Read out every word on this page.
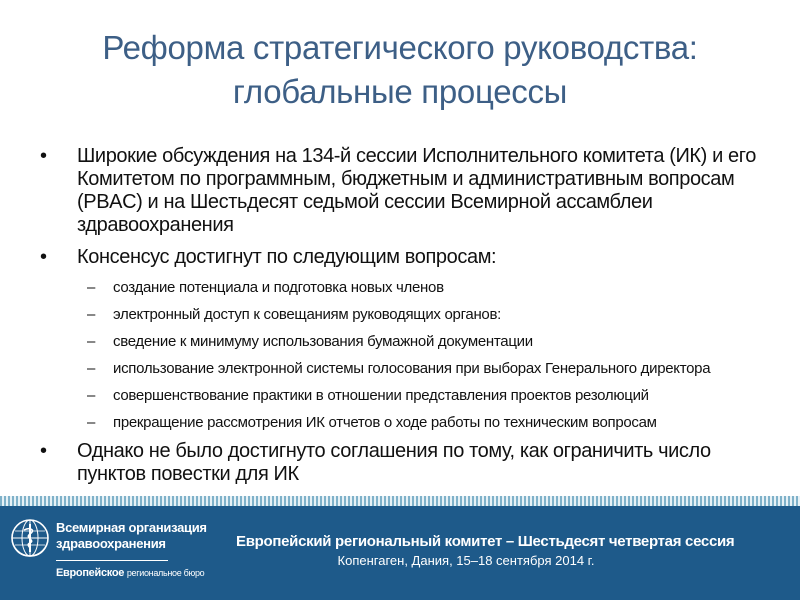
Реформа стратегического руководства:
глобальные процессы
• Широкие обсуждения на 134-й сессии Исполнительного комитета (ИК) и его Комитетом по программным, бюджетным и административным вопросам (PBAC) и на Шестьдесят седьмой сессии Всемирной ассамблеи здравоохранения
• Консенсус достигнут по следующим вопросам:
– создание потенциала и подготовка новых членов
– электронный доступ к совещаниям руководящих органов:
– сведение к минимуму использования бумажной документации
– использование электронной системы голосования при выборах Генерального директора
– совершенствование практики в отношении представления проектов резолюций
– прекращение рассмотрения ИК отчетов о ходе работы по техническим вопросам
• Однако не было достигнуто соглашения по тому, как ограничить число пунктов повестки для ИК
Всемирная организация
здравоохранения
Европейское региональное бюро
Европейский региональный комитет – Шестьдесят четвертая сессия
Копенгаген, Дания, 15–18 сентября 2014 г.
